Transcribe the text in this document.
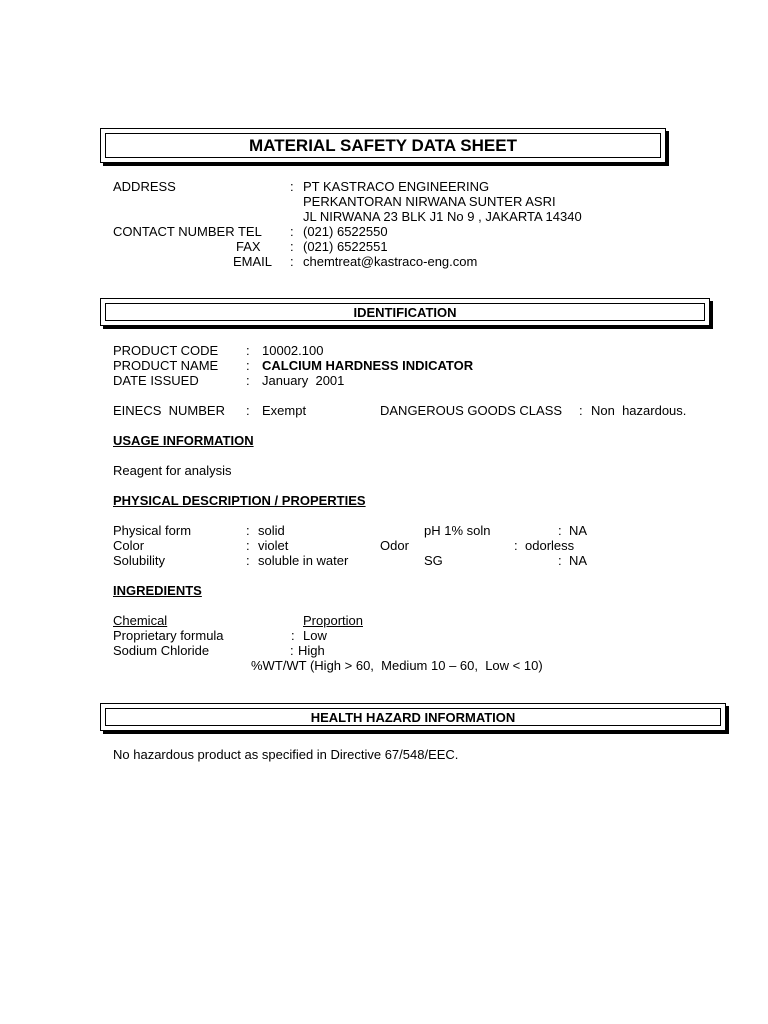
MATERIAL SAFETY DATA SHEET
ADDRESS	: PT KASTRACO ENGINEERING
PERKANTORAN NIRWANA SUNTER ASRI
JL NIRWANA 23 BLK J1 No 9 , JAKARTA 14340
CONTACT NUMBER TEL : (021) 6522550
FAX : (021) 6522551
EMAIL : chemtreat@kastraco-eng.com
IDENTIFICATION
PRODUCT CODE : 10002.100
PRODUCT NAME : CALCIUM HARDNESS INDICATOR
DATE ISSUED	: January  2001
EINECS  NUMBER : Exempt	DANGEROUS GOODS CLASS : Non  hazardous.
USAGE INFORMATION
Reagent for analysis
PHYSICAL DESCRIPTION / PROPERTIES
Physical form	: solid	pH 1% soln	: NA
Color	: violet	Odor	: odorless
Solubility	: soluble in water	SG	: NA
INGREDIENTS
Chemical	Proportion
Proprietary formula	: Low
Sodium Chloride	: High
%WT/WT (High > 60,  Medium 10 – 60,  Low < 10)
HEALTH HAZARD INFORMATION
No hazardous product as specified in Directive 67/548/EEC.
